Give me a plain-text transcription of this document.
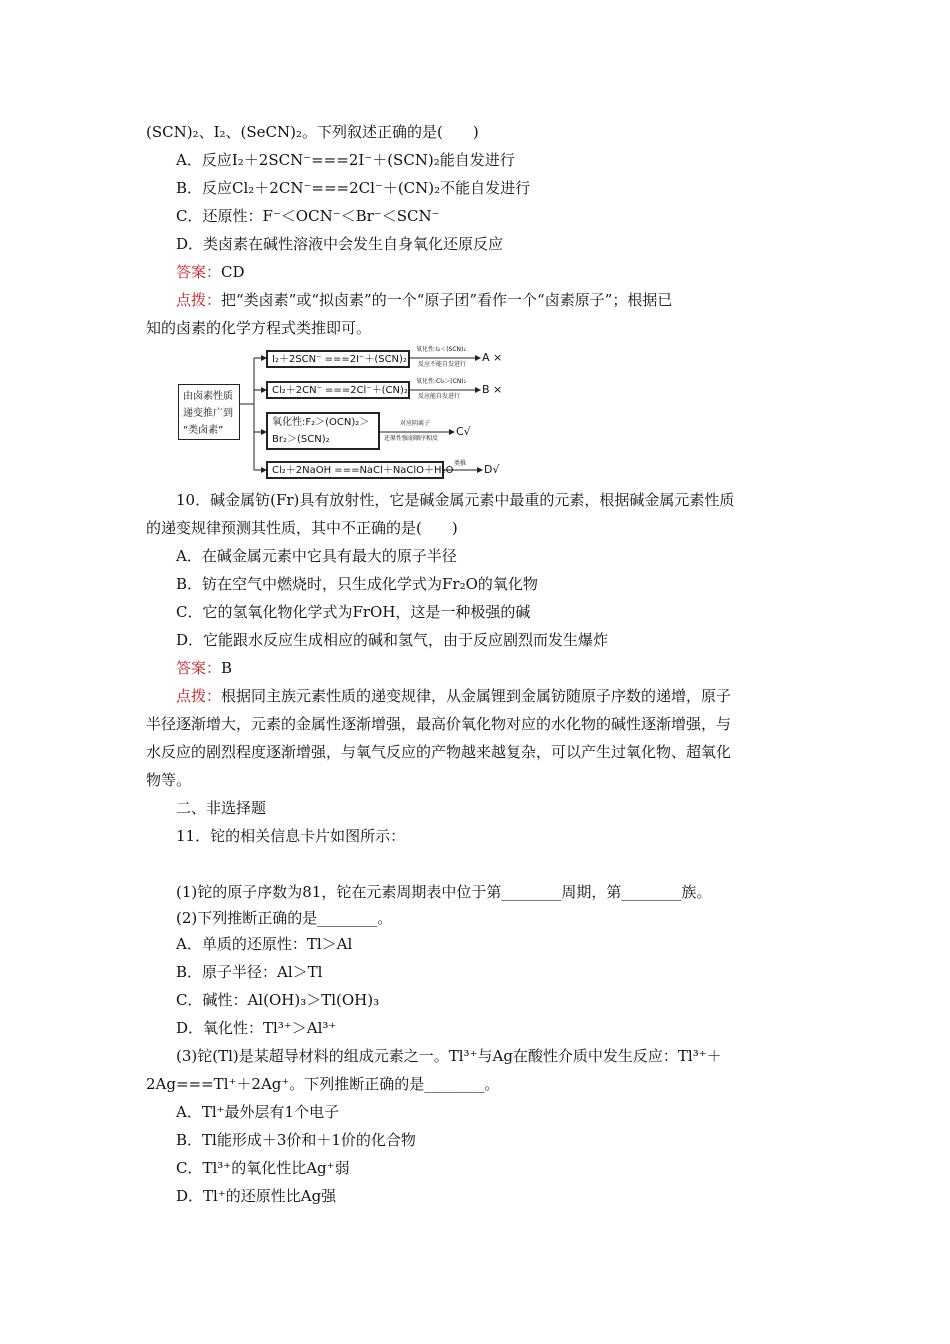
(SCN)₂、I₂、(SeCN)₂。下列叙述正确的是(　　)
A．反应I₂＋2SCN⁻===2I⁻＋(SCN)₂能自发进行
B．反应Cl₂＋2CN⁻===2Cl⁻＋(CN)₂不能自发进行
C．还原性：F⁻＜OCN⁻＜Br⁻＜SCN⁻
D．类卤素在碱性溶液中会发生自身氧化还原反应
答案：CD
点拨：把“类卤素”或“拟卤素”的一个“原子团”看作一个“卤素原子”；根据已
知的卤素的化学方程式类推即可。
由卤素性质
递变推广到
“类卤素”
I₂＋2SCN⁻ ===2I⁻＋(SCN)₂
氧化性:I₂＜(SCN)₂
反应不能自发进行
A ×
Cl₂＋2CN⁻ ===2Cl⁻＋(CN)₂
氧化性:Cl₂＞(CN)₂
反应能自发进行
B ×
氧化性:F₂＞(OCN)₂＞
Br₂＞(SCN)₂
对应阴离子
还原性强弱顺序相反
C√
Cl₂＋2NaOH ===NaCl＋NaClO＋H₂O
类推 D√
10．碱金属钫(Fr)具有放射性，它是碱金属元素中最重的元素，根据碱金属元素性质
的递变规律预测其性质，其中不正确的是(　　)
A．在碱金属元素中它具有最大的原子半径
B．钫在空气中燃烧时，只生成化学式为Fr₂O的氧化物
C．它的氢氧化物化学式为FrOH，这是一种极强的碱
D．它能跟水反应生成相应的碱和氢气，由于反应剧烈而发生爆炸
答案：B
点拨：根据同主族元素性质的递变规律，从金属锂到金属钫随原子序数的递增，原子
半径逐渐增大，元素的金属性逐渐增强，最高价氧化物对应的水化物的碱性逐渐增强，与
水反应的剧烈程度逐渐增强，与氧气反应的产物越来越复杂，可以产生过氧化物、超氧化
物等。
二、非选择题
11．铊的相关信息卡片如图所示：
(1)铊的原子序数为81，铊在元素周期表中位于第________周期，第________族。
(2)下列推断正确的是________。
A．单质的还原性：Tl＞Al
B．原子半径：Al＞Tl
C．碱性：Al(OH)₃＞Tl(OH)₃
D．氧化性：Tl³⁺＞Al³⁺
(3)铊(Tl)是某超导材料的组成元素之一。Tl³⁺与Ag在酸性介质中发生反应：Tl³⁺＋
2Ag===Tl⁺＋2Ag⁺。下列推断正确的是________。
A．Tl⁺最外层有1个电子
B．Tl能形成＋3价和＋1价的化合物
C．Tl³⁺的氧化性比Ag⁺弱
D．Tl⁺的还原性比Ag强
